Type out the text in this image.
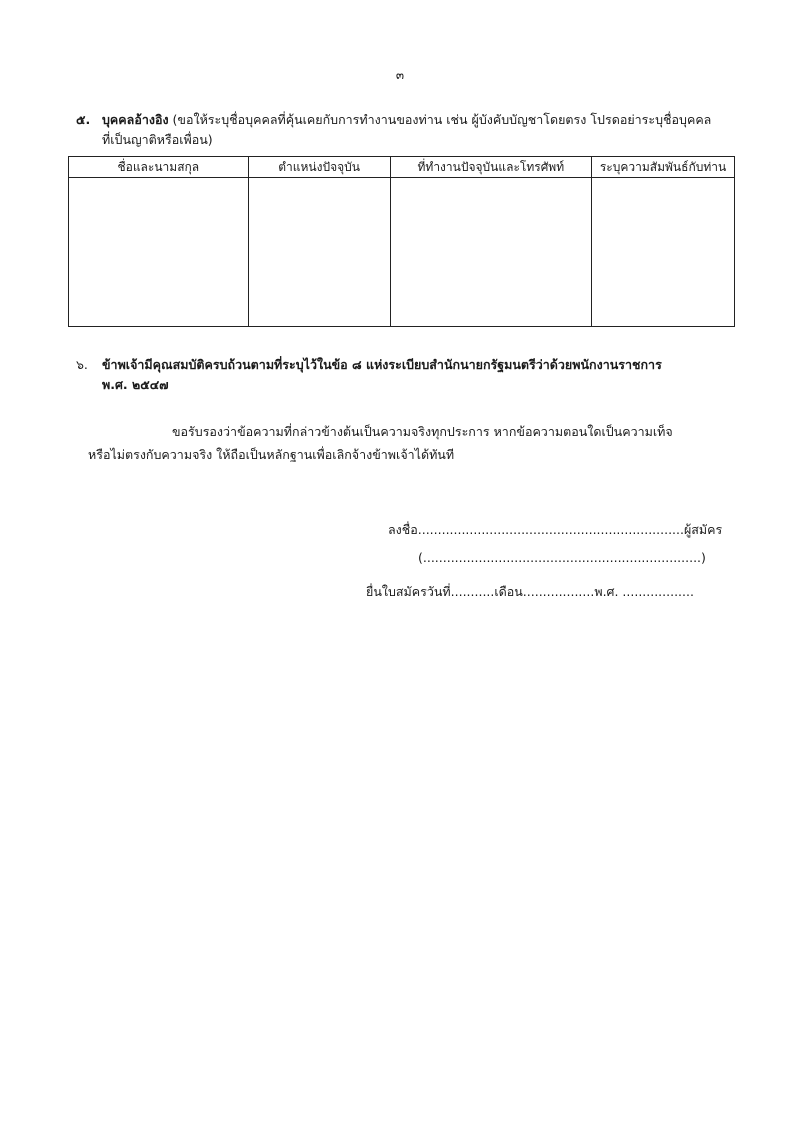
๓
๕. บุคคลอ้างอิง (ขอให้ระบุชื่อบุคคลที่คุ้นเคยกับการทำงานของท่าน เช่น ผู้บังคับบัญชาโดยตรง โปรดอย่าระบุชื่อบุคคล
ที่เป็นญาติหรือเพื่อน)
ชื่อและนามสกุล	ตำแหน่งปัจจุบัน	ที่ทำงานปัจจุบันและโทรศัพท์	ระบุความสัมพันธ์กับท่าน

๖. ข้าพเจ้ามีคุณสมบัติครบถ้วนตามที่ระบุไว้ในข้อ ๘ แห่งระเบียบสำนักนายกรัฐมนตรีว่าด้วยพนักงานราชการ
พ.ศ. ๒๕๔๗
ขอรับรองว่าข้อความที่กล่าวข้างต้นเป็นความจริงทุกประการ หากข้อความตอนใดเป็นความเท็จ
หรือไม่ตรงกับความจริง ให้ถือเป็นหลักฐานเพื่อเลิกจ้างข้าพเจ้าได้ทันที
ลงชื่อ...................................................................ผู้สมัคร
(......................................................................)
ยื่นใบสมัครวันที่...........เดือน..................พ.ศ. ..................
